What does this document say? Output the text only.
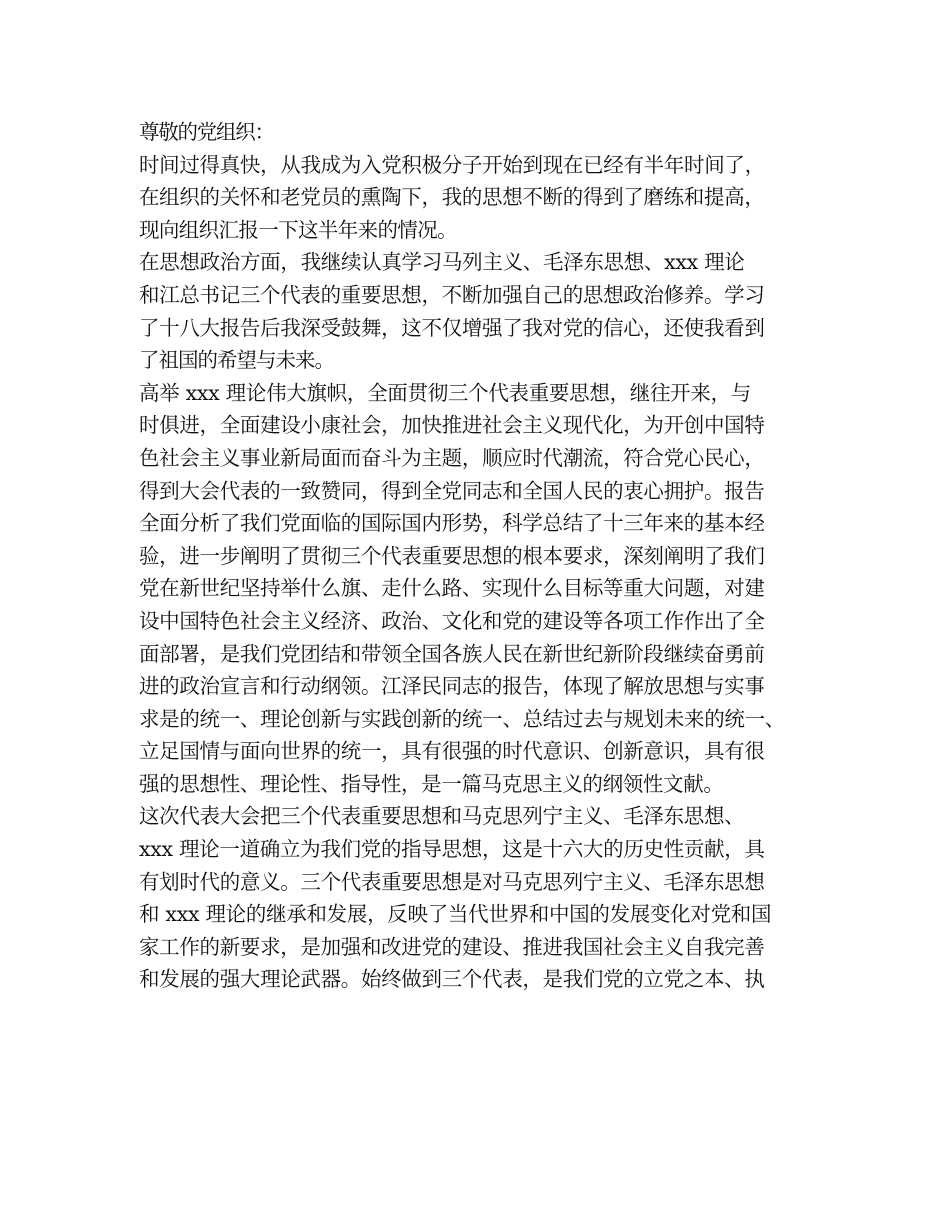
尊敬的党组织：
时间过得真快，从我成为入党积极分子开始到现在已经有半年时间了，
在组织的关怀和老党员的熏陶下，我的思想不断的得到了磨练和提高，
现向组织汇报一下这半年来的情况。
在思想政治方面，我继续认真学习马列主义、毛泽东思想、xxx 理论
和江总书记三个代表的重要思想，不断加强自己的思想政治修养。学习
了十八大报告后我深受鼓舞，这不仅增强了我对党的信心，还使我看到
了祖国的希望与未来。
高举 xxx 理论伟大旗帜，全面贯彻三个代表重要思想，继往开来，与
时俱进，全面建设小康社会，加快推进社会主义现代化，为开创中国特
色社会主义事业新局面而奋斗为主题，顺应时代潮流，符合党心民心，
得到大会代表的一致赞同，得到全党同志和全国人民的衷心拥护。报告
全面分析了我们党面临的国际国内形势，科学总结了十三年来的基本经
验，进一步阐明了贯彻三个代表重要思想的根本要求，深刻阐明了我们
党在新世纪坚持举什么旗、走什么路、实现什么目标等重大问题，对建
设中国特色社会主义经济、政治、文化和党的建设等各项工作作出了全
面部署，是我们党团结和带领全国各族人民在新世纪新阶段继续奋勇前
进的政治宣言和行动纲领。江泽民同志的报告，体现了解放思想与实事
求是的统一、理论创新与实践创新的统一、总结过去与规划未来的统一、
立足国情与面向世界的统一，具有很强的时代意识、创新意识，具有很
强的思想性、理论性、指导性，是一篇马克思主义的纲领性文献。
这次代表大会把三个代表重要思想和马克思列宁主义、毛泽东思想、
xxx 理论一道确立为我们党的指导思想，这是十六大的历史性贡献，具
有划时代的意义。三个代表重要思想是对马克思列宁主义、毛泽东思想
和 xxx 理论的继承和发展，反映了当代世界和中国的发展变化对党和国
家工作的新要求，是加强和改进党的建设、推进我国社会主义自我完善
和发展的强大理论武器。始终做到三个代表，是我们党的立党之本、执
